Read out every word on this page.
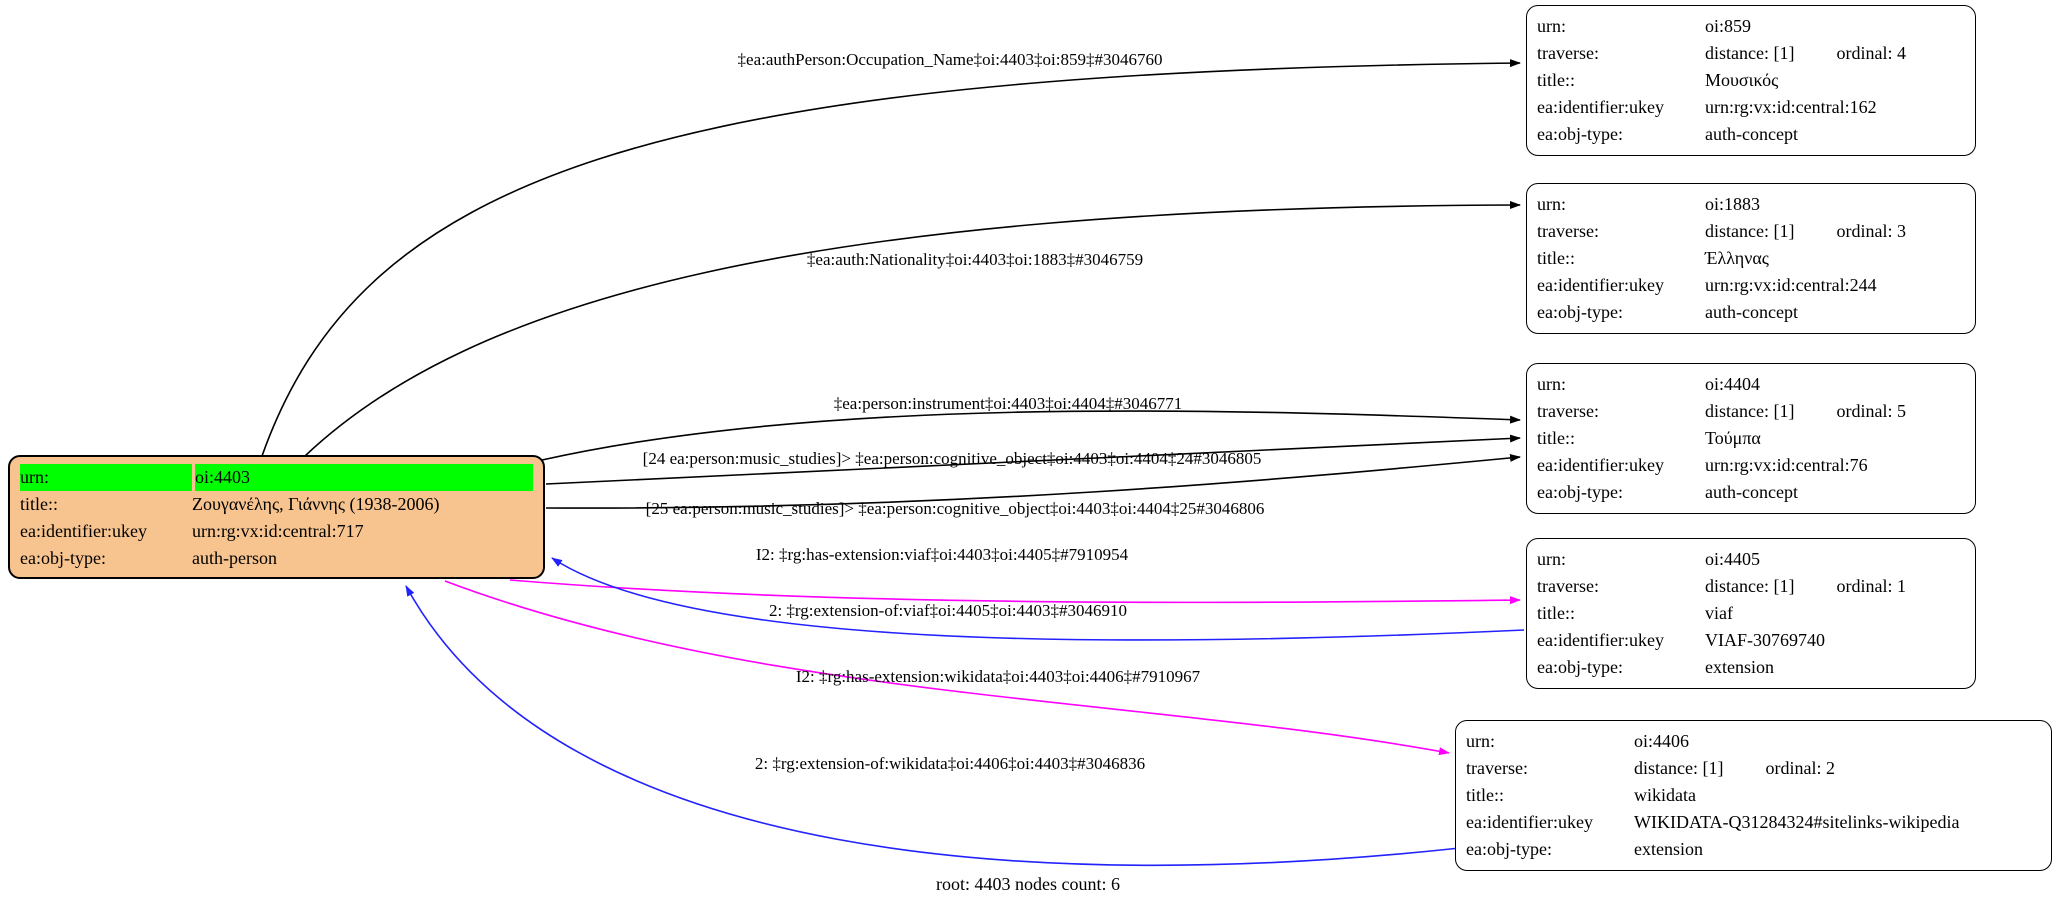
urn:	oi:4403
title::	Ζουγανέλης, Γιάννης (1938-2006)
ea:identifier:ukey	urn:rg:vx:id:central:717
ea:obj-type:	auth-person
urn:	oi:859
traverse:	distance: [1] ordinal: 4
title::	Μουσικός
ea:identifier:ukey	urn:rg:vx:id:central:162
ea:obj-type:	auth-concept
urn:	oi:1883
traverse:	distance: [1] ordinal: 3
title::	Έλληνας
ea:identifier:ukey	urn:rg:vx:id:central:244
ea:obj-type:	auth-concept
urn:	oi:4404
traverse:	distance: [1] ordinal: 5
title::	Τούμπα
ea:identifier:ukey	urn:rg:vx:id:central:76
ea:obj-type:	auth-concept
urn:	oi:4405
traverse:	distance: [1] ordinal: 1
title::	viaf
ea:identifier:ukey	VIAF-30769740
ea:obj-type:	extension
urn:	oi:4406
traverse:	distance: [1] ordinal: 2
title::	wikidata
ea:identifier:ukey	WIKIDATA-Q31284324#sitelinks-wikipedia
ea:obj-type:	extension
‡ea:authPerson:Occupation_Name‡oi:4403‡oi:859‡#3046760
‡ea:auth:Nationality‡oi:4403‡oi:1883‡#3046759
‡ea:person:instrument‡oi:4403‡oi:4404‡#3046771
[24 ea:person:music_studies]> ‡ea:person:cognitive_object‡oi:4403‡oi:4404‡24#3046805
[25 ea:person:music_studies]> ‡ea:person:cognitive_object‡oi:4403‡oi:4404‡25#3046806
I2: ‡rg:has-extension:viaf‡oi:4403‡oi:4405‡#7910954
2: ‡rg:extension-of:viaf‡oi:4405‡oi:4403‡#3046910
I2: ‡rg:has-extension:wikidata‡oi:4403‡oi:4406‡#7910967
2: ‡rg:extension-of:wikidata‡oi:4406‡oi:4403‡#3046836
root: 4403 nodes count: 6
